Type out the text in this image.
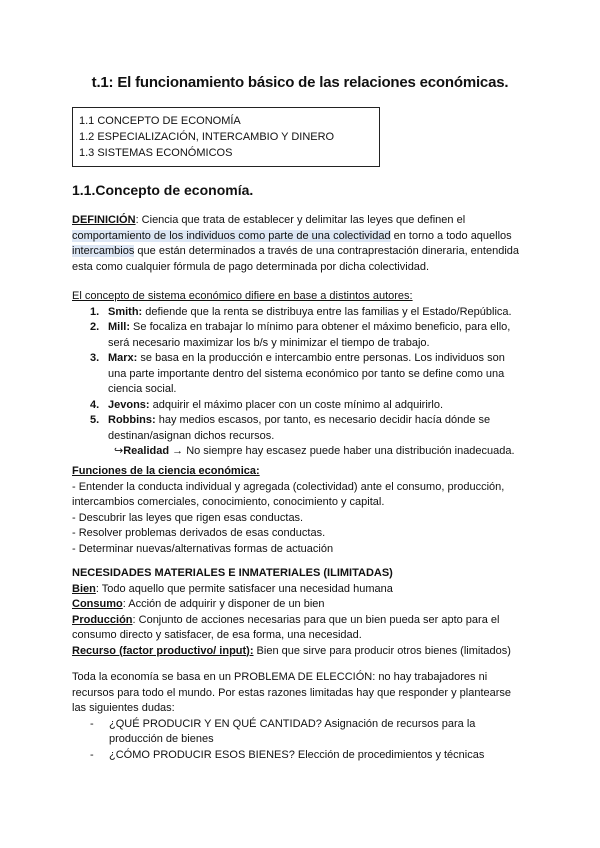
t.1: El funcionamiento básico de las relaciones económicas.
1.1 CONCEPTO DE ECONOMÍA
1.2 ESPECIALIZACIÓN, INTERCAMBIO Y DINERO
1.3 SISTEMAS ECONÓMICOS
1.1.Concepto de economía.
DEFINICIÓN: Ciencia que trata de establecer y delimitar las leyes que definen el
comportamiento de los individuos como parte de una colectividad en torno a todo aquellos
intercambios que están determinados a través de una contraprestación dineraria, entendida
esta como cualquier fórmula de pago determinada por dicha colectividad.
El concepto de sistema económico difiere en base a distintos autores:
1. Smith: defiende que la renta se distribuya entre las familias y el Estado/República.
2. Mill: Se focaliza en trabajar lo mínimo para obtener el máximo beneficio, para ello,
será necesario maximizar los b/s y minimizar el tiempo de trabajo.
3. Marx: se basa en la producción e intercambio entre personas. Los individuos son
una parte importante dentro del sistema económico por tanto se define como una
ciencia social.
4. Jevons: adquirir el máximo placer con un coste mínimo al adquirirlo.
5. Robbins: hay medios escasos, por tanto, es necesario decidir hacía dónde se
destinan/asignan dichos recursos.
↪Realidad → No siempre hay escasez puede haber una distribución inadecuada.
Funciones de la ciencia económica:
- Entender la conducta individual y agregada (colectividad) ante el consumo, producción,
intercambios comerciales, conocimiento, conocimiento y capital.
- Descubrir las leyes que rigen esas conductas.
- Resolver problemas derivados de esas conductas.
- Determinar nuevas/alternativas formas de actuación
NECESIDADES MATERIALES E INMATERIALES (ILIMITADAS)
Bien: Todo aquello que permite satisfacer una necesidad humana
Consumo: Acción de adquirir y disponer de un bien
Producción: Conjunto de acciones necesarias para que un bien pueda ser apto para el
consumo directo y satisfacer, de esa forma, una necesidad.
Recurso (factor productivo/ input): Bien que sirve para producir otros bienes (limitados)
Toda la economía se basa en un PROBLEMA DE ELECCIÓN: no hay trabajadores ni
recursos para todo el mundo. Por estas razones limitadas hay que responder y plantearse
las siguientes dudas:
- ¿QUÉ PRODUCIR Y EN QUÉ CANTIDAD? Asignación de recursos para la
producción de bienes
- ¿CÓMO PRODUCIR ESOS BIENES? Elección de procedimientos y técnicas
